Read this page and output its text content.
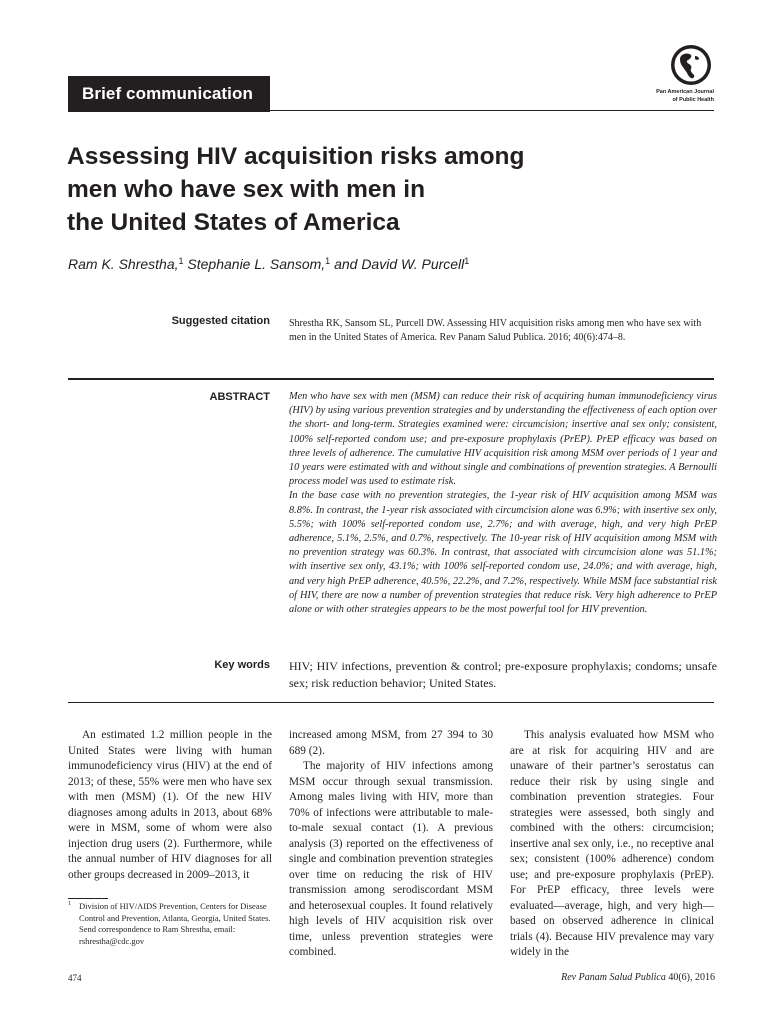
Brief communication	Pan American Journal
of Public Health
Assessing HIV acquisition risks among
men who have sex with men in
the United States of America

Ram K. Shrestha,$^1$ Stephanie L. Sansom,$^1$ and David W. Purcell$^1$

Suggested citation Shrestha RK, Sansom SL, Purcell DW. Assessing HIV acquisition risks among men who have sex with men in the United States of America. Rev Panam Salud Publica. 2016; 40(6):474–8.
ABSTRACT Men who have sex with men (MSM) can reduce their risk of acquiring human immunodeficiency virus (HIV) by using various prevention strategies and by understanding the effectiveness of each option over the short- and long-term. Strategies examined were: circumcision; insertive anal sex only; consistent, 100% self-reported condom use; and pre-exposure prophylaxis (PrEP). PrEP efficacy was based on three levels of adherence. The cumulative HIV acquisition risk among MSM over periods of 1 year and 10 years were estimated with and without single and combinations of prevention strategies. A Bernoulli process model was used to estimate risk.

In the base case with no prevention strategies, the 1-year risk of HIV acquisition among MSM was 8.8%. In contrast, the 1-year risk associated with circumcision alone was 6.9%; with insertive sex only, 5.5%; with 100% self-reported condom use, 2.7%; and with average, high, and very high PrEP adherence, 5.1%, 2.5%, and 0.7%, respectively. The 10-year risk of HIV acquisition among MSM with no prevention strategy was 60.3%. In contrast, that associated with circumcision alone was 51.1%; with insertive sex only, 43.1%; with 100% self-reported condom use, 24.0%; and with average, high, and very high PrEP adherence, 40.5%, 22.2%, and 7.2%, respectively. While MSM face substantial risk of HIV, there are now a number of prevention strategies that reduce risk. Very high adherence to PrEP alone or with other strategies appears to be the most powerful tool for HIV prevention.

Key words HIV; HIV infections, prevention & control; pre-exposure prophylaxis; condoms; unsafe sex; risk reduction behavior; United States.

An estimated 1.2 million people in the United States were living with human immunodeficiency virus (HIV) at the end of 2013; of these, 55% were men who have sex with men (MSM) (1). Of the new HIV diagnoses among adults in 2013, about 68% were in MSM, some of whom were also injection drug users (2). Furthermore, while the annual number of HIV diagnoses for all other groups decreased in 2009–2013, it

increased among MSM, from 27 394 to 30 689 (2).

The majority of HIV infections among MSM occur through sexual transmission. Among males living with HIV, more than 70% of infections were attributable to male-to-male sexual contact (1). A previous analysis (3) reported on the effectiveness of single and combination prevention strategies over time on reducing the risk of HIV transmission among serodiscordant MSM and heterosexual couples. It found relatively high levels of HIV acquisition risk over time, unless prevention strategies were combined.

This analysis evaluated how MSM who are at risk for acquiring HIV and are unaware of their partner’s serostatus can reduce their risk by using single and combination prevention strategies. Four strategies were assessed, both singly and combined with the others: circumcision; insertive anal sex only, i.e., no receptive anal sex; consistent (100% adherence) condom use; and pre-exposure prophylaxis (PrEP). For PrEP efficacy, three levels were evaluated—average, high, and very high—based on observed adherence in clinical trials (4). Because HIV prevalence may vary widely in the

1 Division of HIV/AIDS Prevention, Centers for Disease Control and Prevention, Atlanta, Georgia, United States. Send correspondence to Ram Shrestha, email: rshrestha@cdc.gov
474	Rev Panam Salud Publica 40(6), 2016
